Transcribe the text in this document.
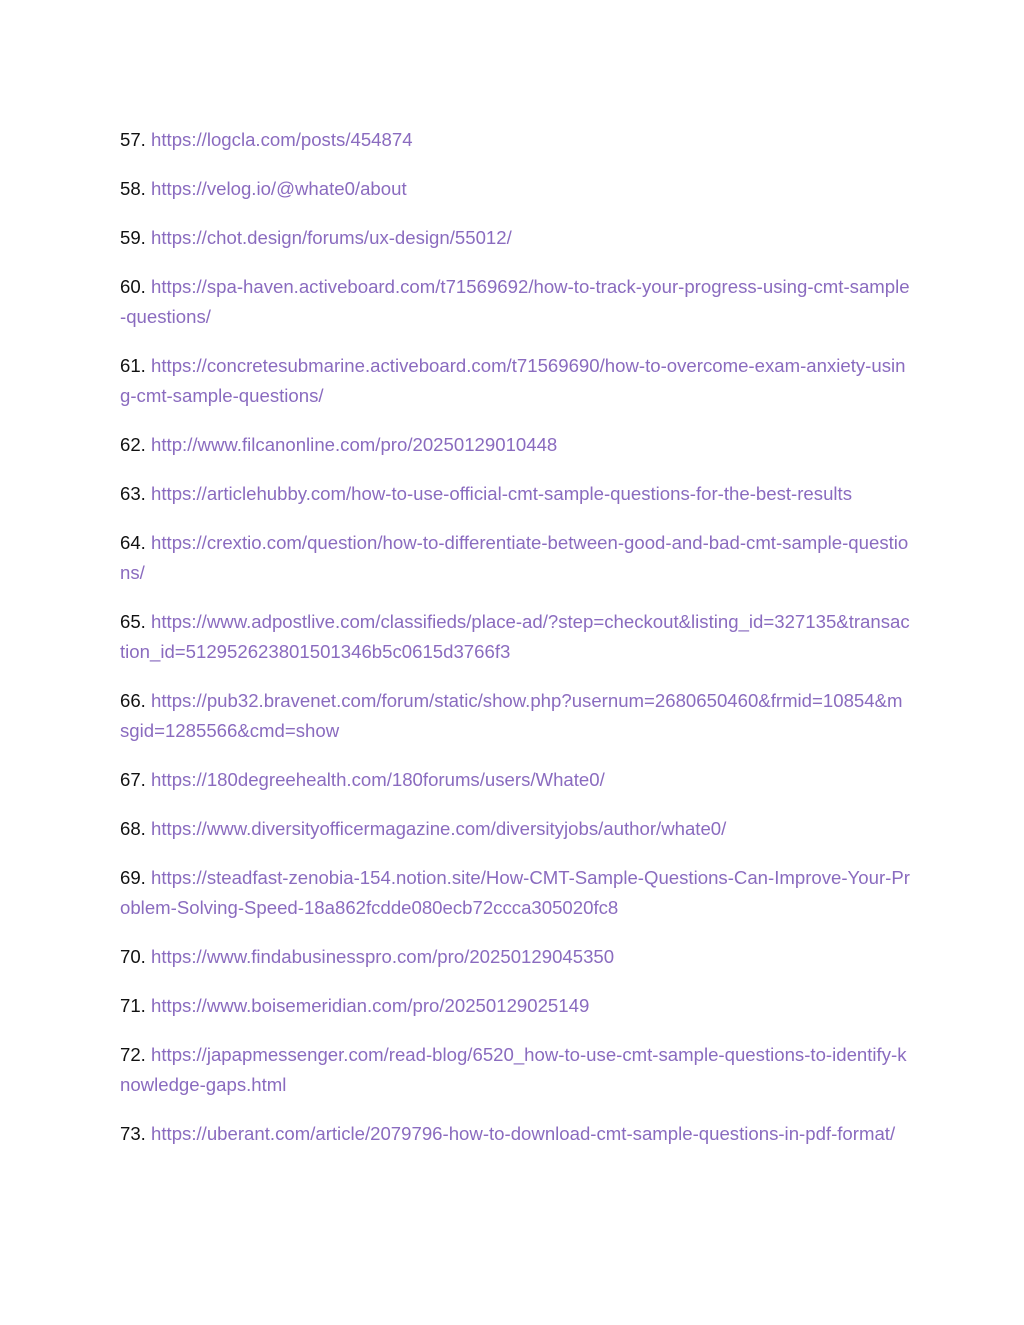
57. https://logcla.com/posts/454874
58. https://velog.io/@whate0/about
59. https://chot.design/forums/ux-design/55012/
60. https://spa-haven.activeboard.com/t71569692/how-to-track-your-progress-using-cmt-sample-questions/
61. https://concretesubmarine.activeboard.com/t71569690/how-to-overcome-exam-anxiety-using-cmt-sample-questions/
62. http://www.filcanonline.com/pro/20250129010448
63. https://articlehubby.com/how-to-use-official-cmt-sample-questions-for-the-best-results
64. https://crextio.com/question/how-to-differentiate-between-good-and-bad-cmt-sample-questions/
65. https://www.adpostlive.com/classifieds/place-ad/?step=checkout&listing_id=327135&transaction_id=512952623801501346b5c0615d3766f3
66. https://pub32.bravenet.com/forum/static/show.php?usernum=2680650460&frmid=10854&msgid=1285566&cmd=show
67. https://180degreehealth.com/180forums/users/Whate0/
68. https://www.diversityofficermagazine.com/diversityjobs/author/whate0/
69. https://steadfast-zenobia-154.notion.site/How-CMT-Sample-Questions-Can-Improve-Your-Problem-Solving-Speed-18a862fcdde080ecb72ccca305020fc8
70. https://www.findabusinesspro.com/pro/20250129045350
71. https://www.boisemeridian.com/pro/20250129025149
72. https://japapmessenger.com/read-blog/6520_how-to-use-cmt-sample-questions-to-identify-knowledge-gaps.html
73. https://uberant.com/article/2079796-how-to-download-cmt-sample-questions-in-pdf-format/
